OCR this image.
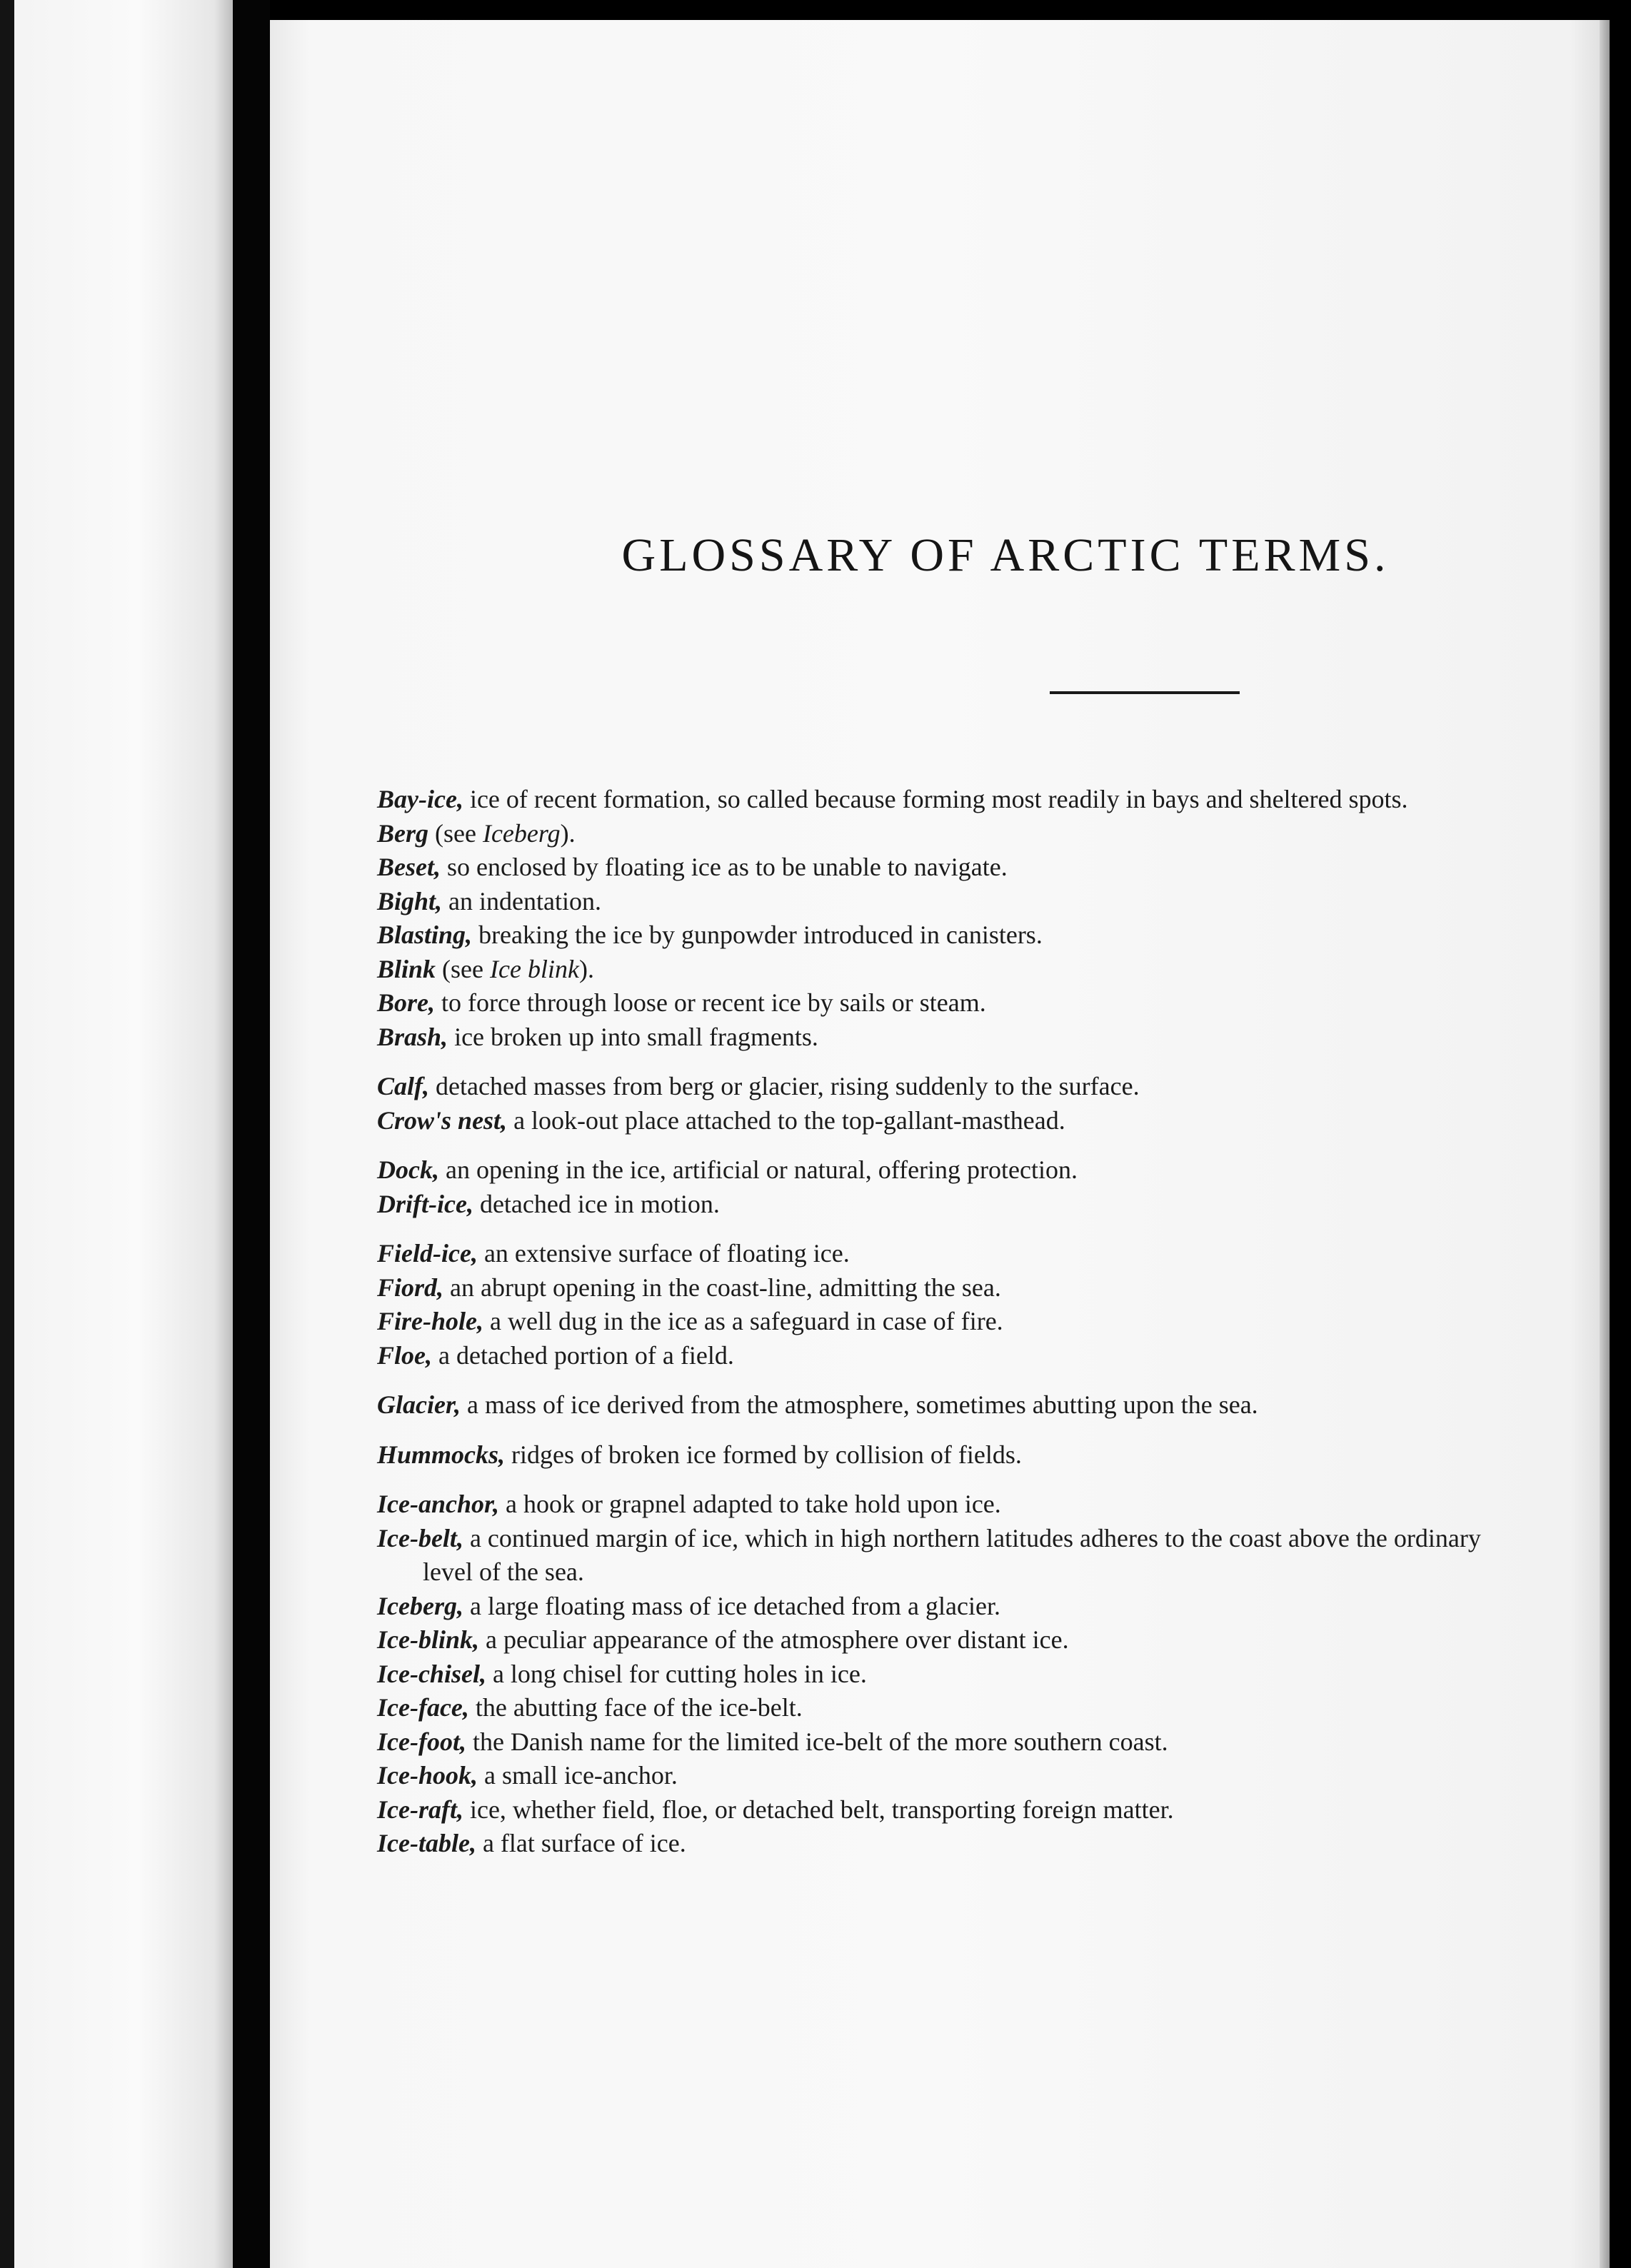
GLOSSARY OF ARCTIC TERMS.

Bay-ice, ice of recent formation, so called because forming most readily in bays and sheltered spots.

Berg (see Iceberg).

Beset, so enclosed by floating ice as to be unable to navigate.

Bight, an indentation.

Blasting, breaking the ice by gunpowder introduced in canisters.

Blink (see Ice blink).

Bore, to force through loose or recent ice by sails or steam.

Brash, ice broken up into small fragments.

Calf, detached masses from berg or glacier, rising suddenly to the surface.

Crow's nest, a look-out place attached to the top-gallant-masthead.

Dock, an opening in the ice, artificial or natural, offering protection.

Drift-ice, detached ice in motion.

Field-ice, an extensive surface of floating ice.

Fiord, an abrupt opening in the coast-line, admitting the sea.

Fire-hole, a well dug in the ice as a safeguard in case of fire.

Floe, a detached portion of a field.

Glacier, a mass of ice derived from the atmosphere, sometimes abutting upon the sea.

Hummocks, ridges of broken ice formed by collision of fields.

Ice-anchor, a hook or grapnel adapted to take hold upon ice.

Ice-belt, a continued margin of ice, which in high northern latitudes adheres to the coast above the ordinary level of the sea.

Iceberg, a large floating mass of ice detached from a glacier.

Ice-blink, a peculiar appearance of the atmosphere over distant ice.

Ice-chisel, a long chisel for cutting holes in ice.

Ice-face, the abutting face of the ice-belt.

Ice-foot, the Danish name for the limited ice-belt of the more southern coast.

Ice-hook, a small ice-anchor.

Ice-raft, ice, whether field, floe, or detached belt, transporting foreign matter.

Ice-table, a flat surface of ice.
